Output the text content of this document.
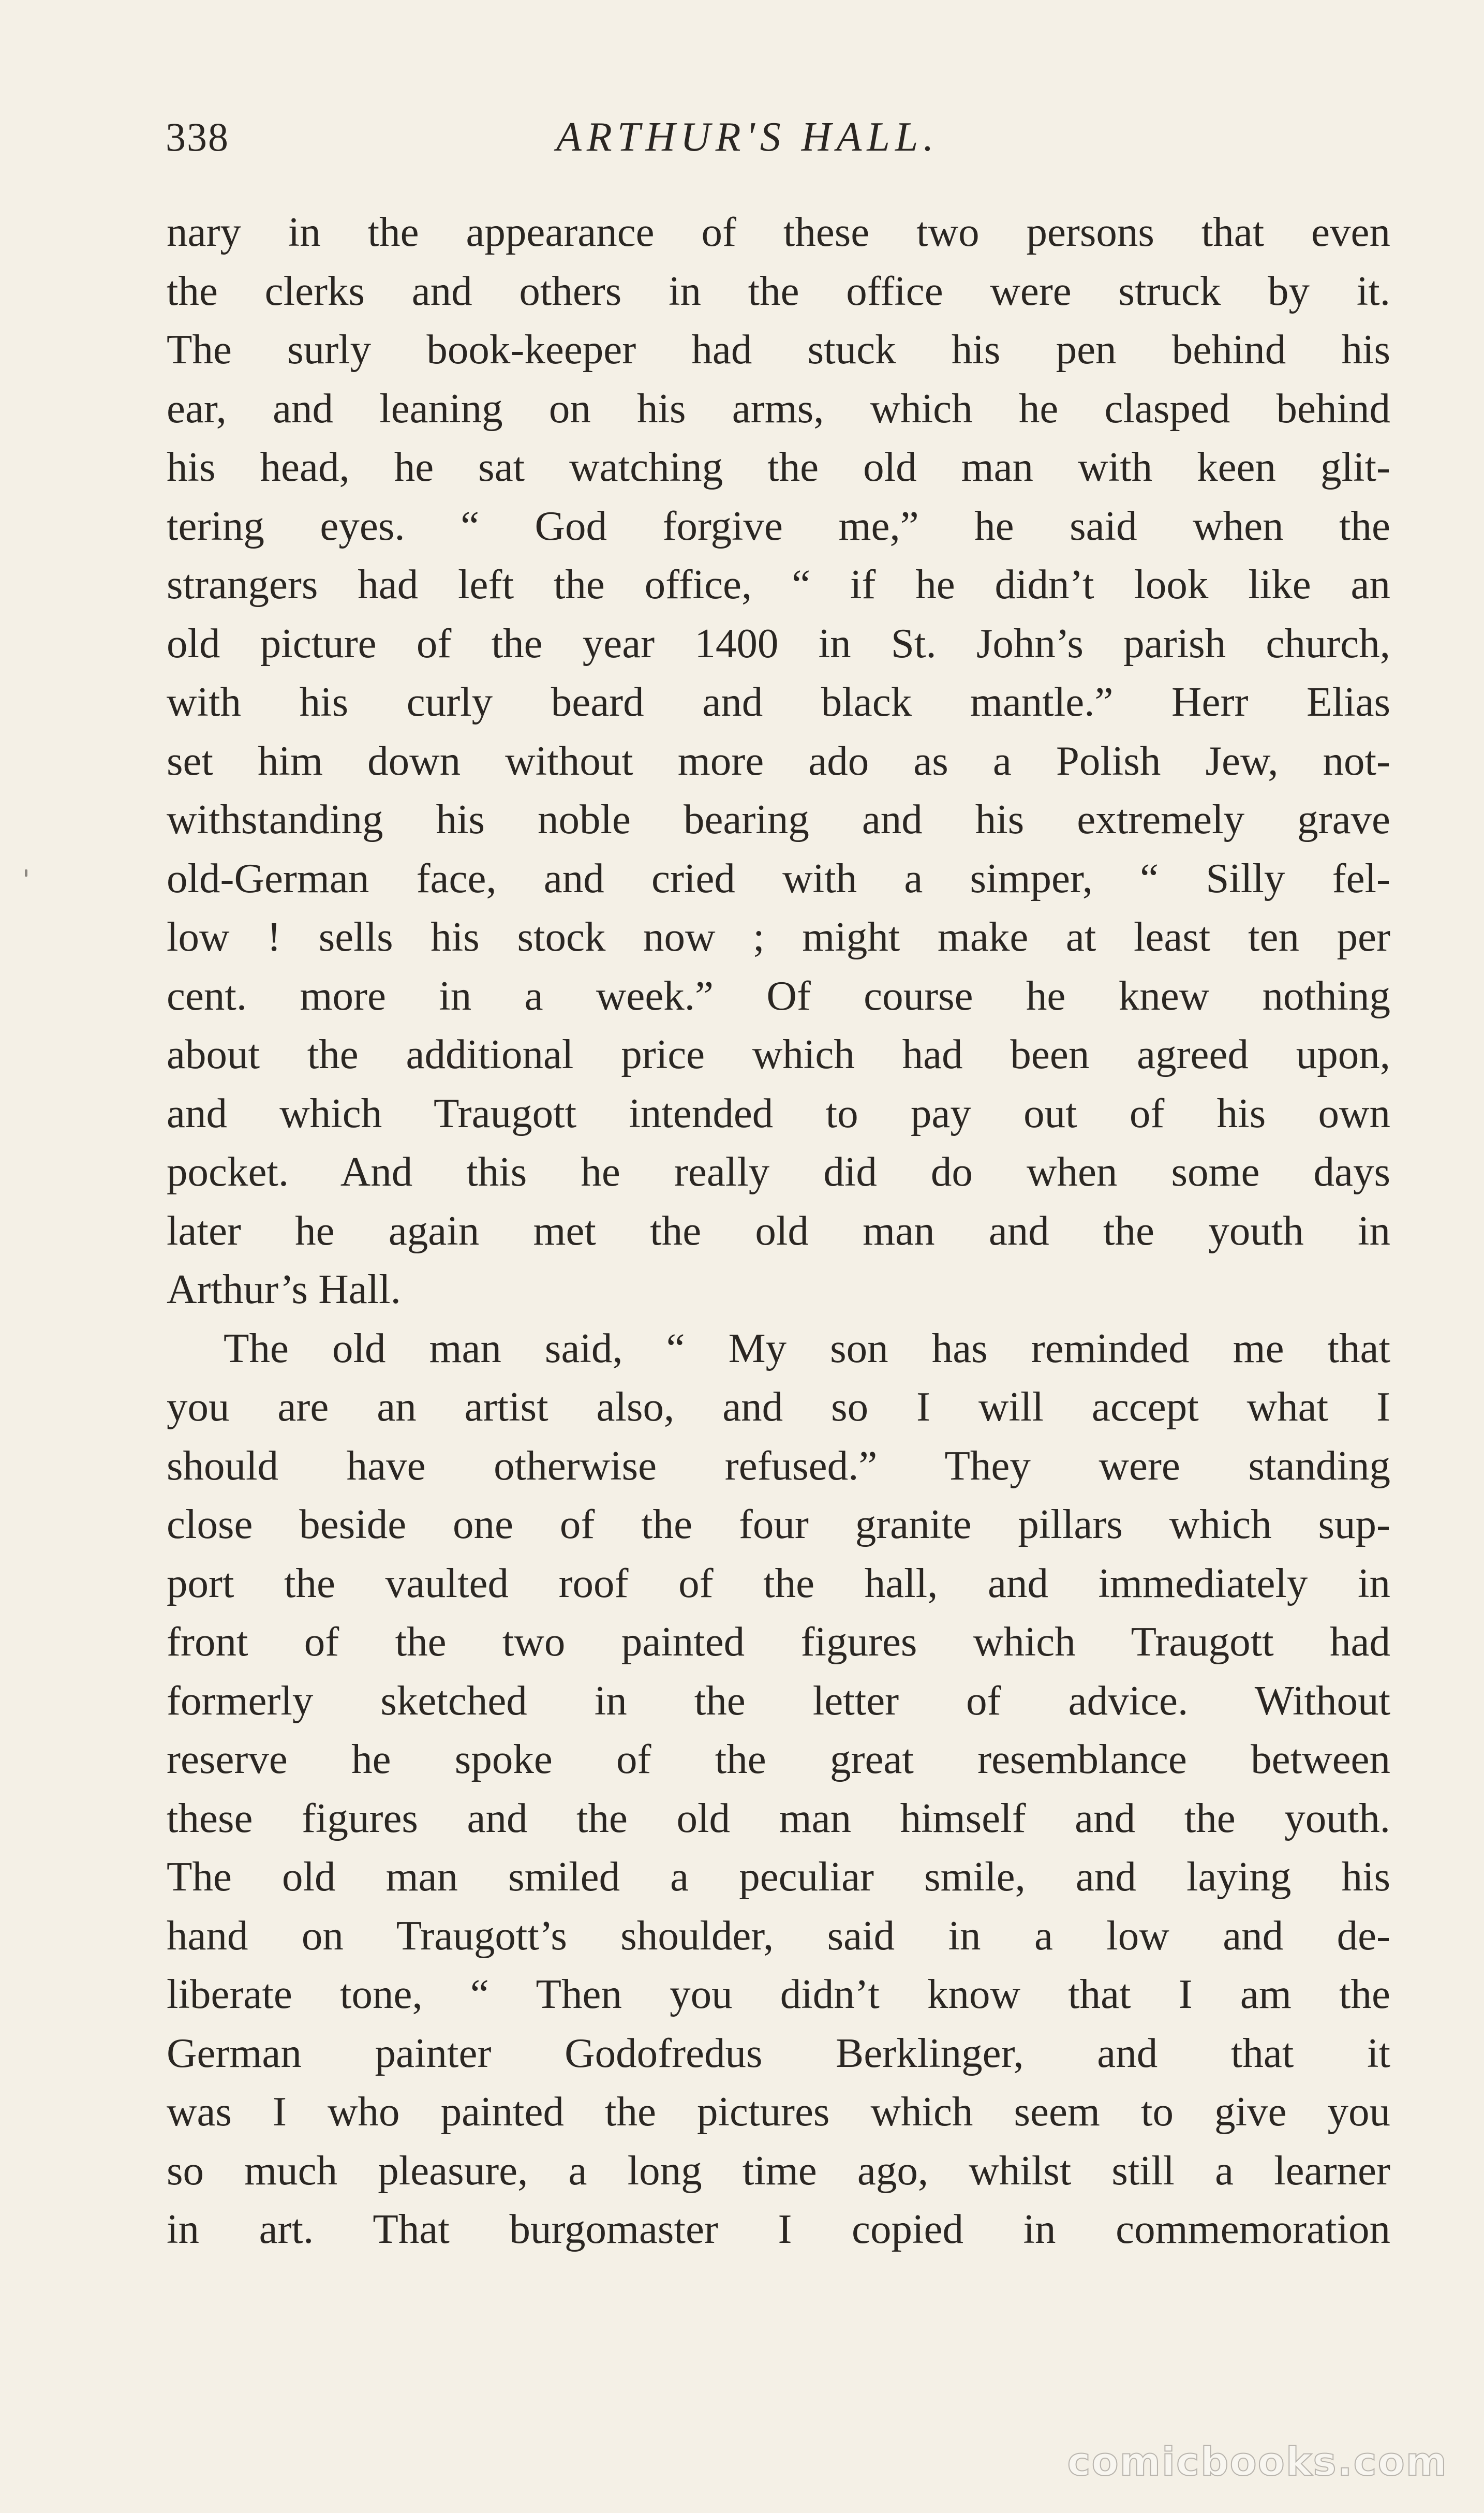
338	ARTHUR'S HALL.
nary in the appearance of these two persons that even
the clerks and others in the office were struck by it.
The surly book-keeper had stuck his pen behind his
ear, and leaning on his arms, which he clasped behind
his head, he sat watching the old man with keen glit-
tering eyes. “ God forgive me,” he said when the
strangers had left the office, “ if he didn’t look like an
old picture of the year 1400 in St. John’s parish church,
with his curly beard and black mantle.” Herr Elias
set him down without more ado as a Polish Jew, not-
withstanding his noble bearing and his extremely grave
old-German face, and cried with a simper, “ Silly fel-
low ! sells his stock now ; might make at least ten per
cent. more in a week.” Of course he knew nothing
about the additional price which had been agreed upon,
and which Traugott intended to pay out of his own
pocket. And this he really did do when some days
later he again met the old man and the youth in
Arthur’s Hall.
The old man said, “ My son has reminded me that
you are an artist also, and so I will accept what I
should have otherwise refused.” They were standing
close beside one of the four granite pillars which sup-
port the vaulted roof of the hall, and immediately in
front of the two painted figures which Traugott had
formerly sketched in the letter of advice. Without
reserve he spoke of the great resemblance between
these figures and the old man himself and the youth.
The old man smiled a peculiar smile, and laying his
hand on Traugott’s shoulder, said in a low and de-
liberate tone, “ Then you didn’t know that I am the
German painter Godofredus Berklinger, and that it
was I who painted the pictures which seem to give you
so much pleasure, a long time ago, whilst still a learner
in art. That burgomaster I copied in commemoration
comicbooks.com
